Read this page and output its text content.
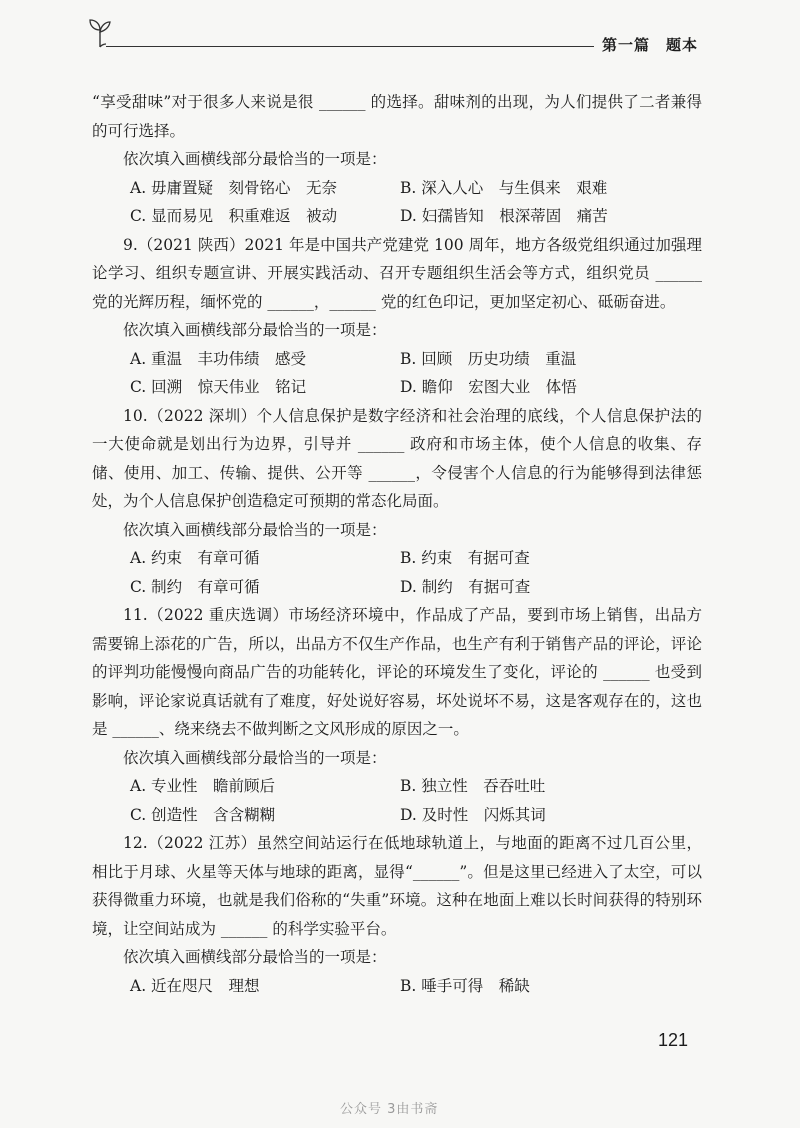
第一篇　题本

“享受甜味”对于很多人来说是很 ______ 的选择。甜味剂的出现，为人们提供了二者兼得的可行选择。

依次填入画横线部分最恰当的一项是：

A. 毋庸置疑　刻骨铭心　无奈	B. 深入人心　与生俱来　艰难
C. 显而易见　积重难返　被动	D. 妇孺皆知　根深蒂固　痛苦

9.（2021 陕西）2021 年是中国共产党建党 100 周年，地方各级党组织通过加强理论学习、组织专题宣讲、开展实践活动、召开专题组织生活会等方式，组织党员 ______ 党的光辉历程，缅怀党的 ______，______ 党的红色印记，更加坚定初心、砥砺奋进。

依次填入画横线部分最恰当的一项是：

A. 重温　丰功伟绩　感受	B. 回顾　历史功绩　重温
C. 回溯　惊天伟业　铭记	D. 瞻仰　宏图大业　体悟

10.（2022 深圳）个人信息保护是数字经济和社会治理的底线，个人信息保护法的一大使命就是划出行为边界，引导并 ______ 政府和市场主体，使个人信息的收集、存储、使用、加工、传输、提供、公开等 ______，令侵害个人信息的行为能够得到法律惩处，为个人信息保护创造稳定可预期的常态化局面。

依次填入画横线部分最恰当的一项是：

A. 约束　有章可循	B. 约束　有据可查
C. 制约　有章可循	D. 制约　有据可查

11.（2022 重庆选调）市场经济环境中，作品成了产品，要到市场上销售，出品方需要锦上添花的广告，所以，出品方不仅生产作品，也生产有利于销售产品的评论，评论的评判功能慢慢向商品广告的功能转化，评论的环境发生了变化，评论的 ______ 也受到影响，评论家说真话就有了难度，好处说好容易，坏处说坏不易，这是客观存在的，这也是 ______、绕来绕去不做判断之文风形成的原因之一。

依次填入画横线部分最恰当的一项是：

A. 专业性　瞻前顾后	B. 独立性　吞吞吐吐
C. 创造性　含含糊糊	D. 及时性　闪烁其词

12.（2022 江苏）虽然空间站运行在低地球轨道上，与地面的距离不过几百公里，相比于月球、火星等天体与地球的距离，显得“______”。但是这里已经进入了太空，可以获得微重力环境，也就是我们俗称的“失重”环境。这种在地面上难以长时间获得的特别环境，让空间站成为 ______ 的科学实验平台。

依次填入画横线部分最恰当的一项是：

A. 近在咫尺　理想	B. 唾手可得　稀缺
121
公众号 3由书斋
